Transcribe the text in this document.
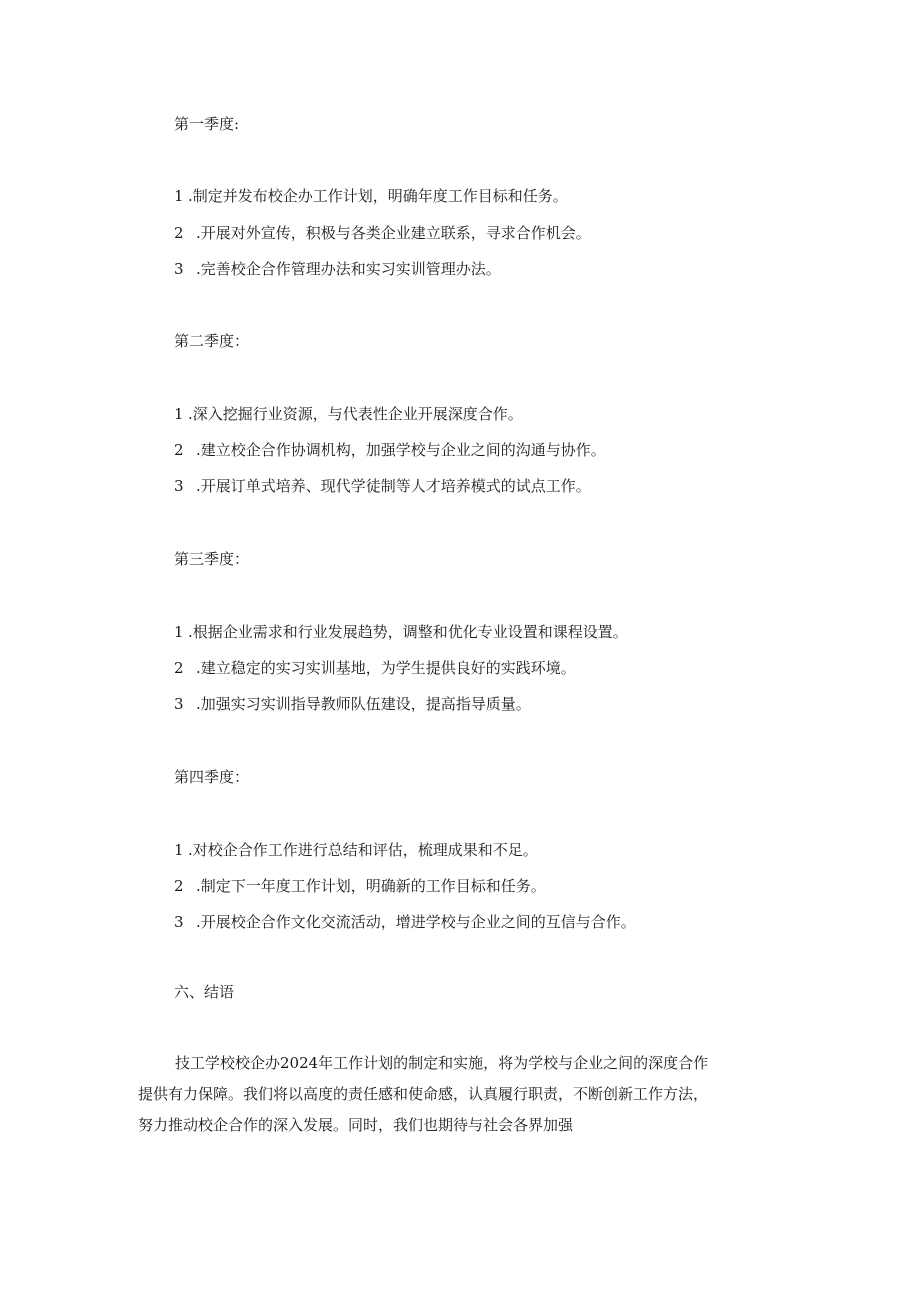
第一季度:
1 .制定并发布校企办工作计划，明确年度工作目标和任务。
2 .开展对外宣传，积极与各类企业建立联系，寻求合作机会。
3 .完善校企合作管理办法和实习实训管理办法。
第二季度：
1 .深入挖掘行业资源，与代表性企业开展深度合作。
2 .建立校企合作协调机构，加强学校与企业之间的沟通与协作。
3 .开展订单式培养、现代学徒制等人才培养模式的试点工作。
第三季度：
1 .根据企业需求和行业发展趋势，调整和优化专业设置和课程设置。
2 .建立稳定的实习实训基地，为学生提供良好的实践环境。
3 .加强实习实训指导教师队伍建设，提高指导质量。
第四季度：
1 .对校企合作工作进行总结和评估，梳理成果和不足。
2 .制定下一年度工作计划，明确新的工作目标和任务。
3 .开展校企合作文化交流活动，增进学校与企业之间的互信与合作。
六、结语

技工学校校企办2024年工作计划的制定和实施，将为学校与企业之间的深度合作
提供有力保障。我们将以高度的责任感和使命感，认真履行职责，不断创新工作方法，
努力推动校企合作的深入发展。同时，我们也期待与社会各界加强
